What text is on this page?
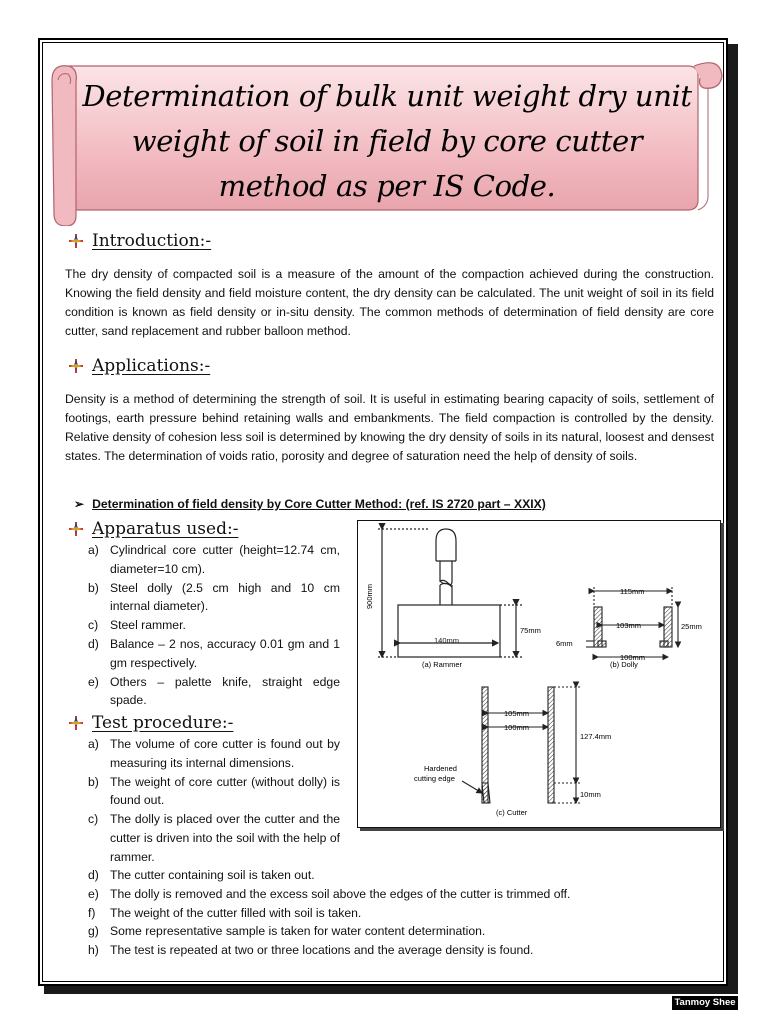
Determination of bulk unit weight dry unit weight of soil in field by core cutter method as per IS Code.
Introduction:-

The dry density of compacted soil is a measure of the amount of the compaction achieved during the construction. Knowing the field density and field moisture content, the dry density can be calculated. The unit weight of soil in its field condition is known as field density or in-situ density. The common methods of determination of field density are core cutter, sand replacement and rubber balloon method.

Applications:-

Density is a method of determining the strength of soil. It is useful in estimating bearing capacity of soils, settlement of footings, earth pressure behind retaining walls and embankments. The field compaction is controlled by the density. Relative density of cohesion less soil is determined by knowing the dry density of soils in its natural, loosest and densest states. The determination of voids ratio, porosity and degree of saturation need the help of density of soils.

➢ Determination of field density by Core Cutter Method: (ref. IS 2720 part – XXIX)
Apparatus used:-
a) Cylindrical core cutter (height=12.74 cm, diameter=10 cm).
b) Steel dolly (2.5 cm high and 10 cm internal diameter).
c) Steel rammer.
d) Balance – 2 nos, accuracy 0.01 gm and 1 gm respectively.
e) Others – palette knife, straight edge spade.
Test procedure:-
a) The volume of core cutter is found out by measuring its internal dimensions.
b) The weight of core cutter (without dolly) is found out.
c) The dolly is placed over the cutter and the cutter is driven into the soil with the help of rammer.
d) The cutter containing soil is taken out.
e) The dolly is removed and the excess soil above the edges of the cutter is trimmed off.
f)	The weight of the cutter filled with soil is taken.
g) Some representative sample is taken for water content determination.
h) The test is repeated at two or three locations and the average density is found.
900mm
140mm
75mm
(a) Rammer
115mm
103mm	25mm
6mm
100mm
(b) Dolly
105mm
100mm
127.4mm
10mm
Hardened
cutting edge
(c) Cutter
Tanmoy Shee
